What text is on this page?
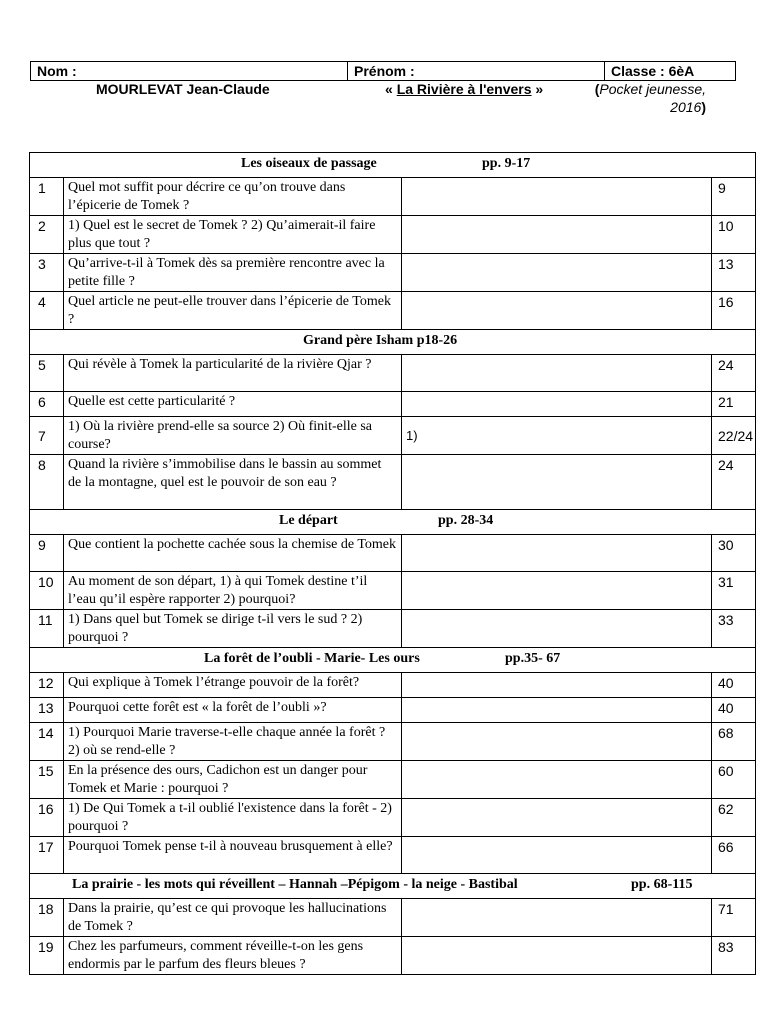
Nom :	Prénom :	Classe : 6èA
MOURLEVAT Jean-Claude	« La Rivière à l'envers »	(Pocket jeunesse, 2016)
Les oiseaux de passage pp. 9-17			

1	Quel mot suffit pour décrire ce qu’on trouve dans l’épicerie de Tomek ?		9
2	1) Quel est le secret de Tomek ? 2) Qu’aimerait-il faire plus que tout ?		10
3	Qu’arrive-t-il à Tomek dès sa première rencontre avec la petite fille ?		13
4	Quel article ne peut-elle trouver dans l’épicerie de Tomek ?		16

Grand père Isham p18-26			

5	Qui révèle à Tomek la particularité de la rivière Qjar ?		24
6	Quelle est cette particularité ?		21
7	1) Où la rivière prend-elle sa source 2) Où finit-elle sa course?	1)	22/24
8	Quand la rivière s’immobilise dans le bassin au sommet de la montagne, quel est le pouvoir de son eau ?		24

Le départ pp. 28-34			

9	Que contient la pochette cachée sous la chemise de Tomek		30
10	Au moment de son départ, 1) à qui Tomek destine t’il l’eau qu’il espère rapporter 2) pourquoi?		31
11	1) Dans quel but Tomek se dirige t-il vers le sud ? 2) pourquoi ?		33

La forêt de l’oubli - Marie- Les ours pp.35- 67			

12	Qui explique à Tomek l’étrange pouvoir de la forêt?		40
13	Pourquoi cette forêt est « la forêt de l’oubli »?		40
14	1) Pourquoi Marie traverse-t-elle chaque année la forêt ? 2) où se rend-elle ?		68
15	En la présence des ours, Cadichon est un danger pour Tomek et Marie : pourquoi ?		60
16	1) De Qui Tomek a t-il oublié l'existence dans la forêt - 2) pourquoi ?		62
17	Pourquoi Tomek pense t-il à nouveau brusquement à elle?		66

La prairie - les mots qui réveillent – Hannah –Pépigom - la neige - Bastibal pp. 68-115			

18	Dans la prairie, qu’est ce qui provoque les hallucinations de Tomek ?		71
19	Chez les parfumeurs, comment réveille-t-on les gens endormis par le parfum des fleurs bleues ?		83
